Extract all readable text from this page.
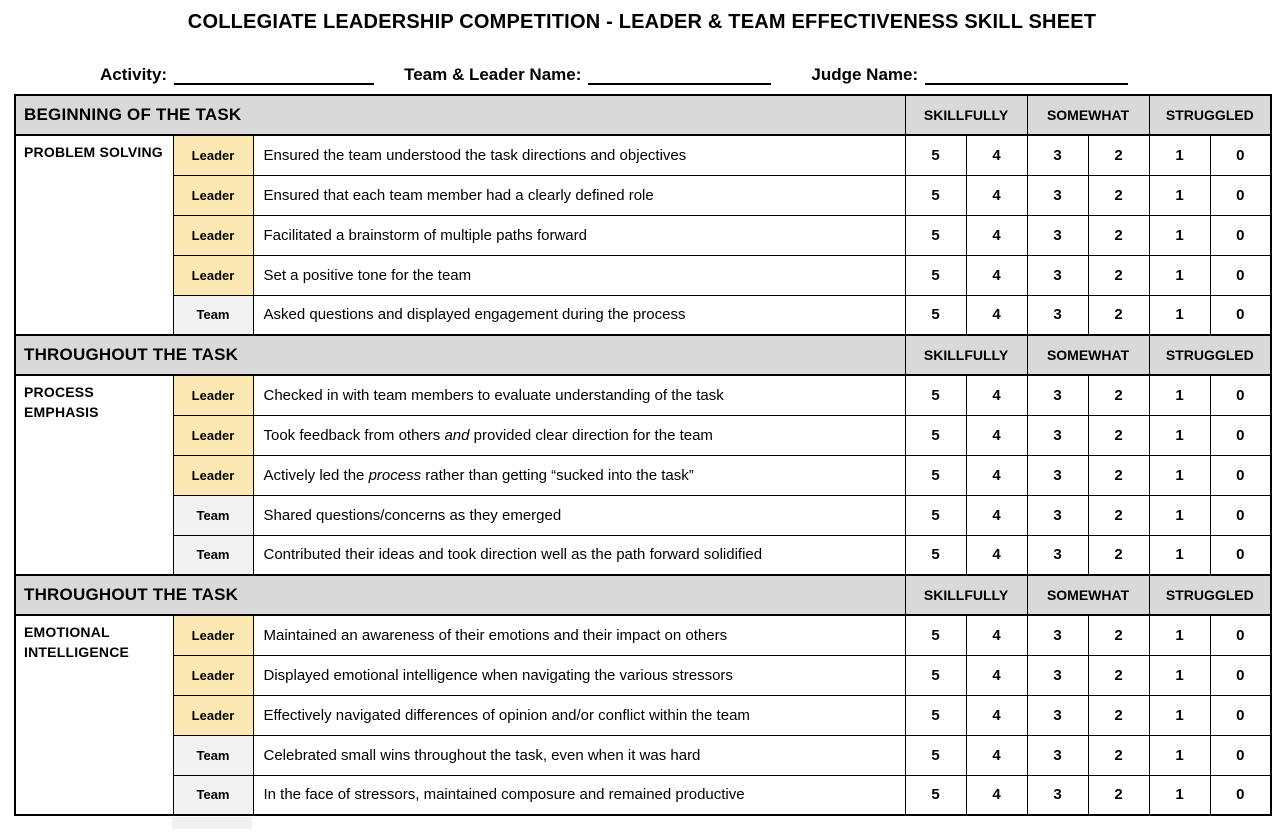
COLLEGIATE LEADERSHIP COMPETITION - LEADER & TEAM EFFECTIVENESS SKILL SHEET
Activity:	Team & Leader Name:	Judge Name:
BEGINNING OF THE TASK			SKILLFULLY		SOMEWHAT		STRUGGLED	
PROBLEM SOLVING	Leader	Ensured the team understood the task directions and objectives	5	4	3	2	1	0
	Leader	Ensured that each team member had a clearly defined role	5	4	3	2	1	0
	Leader	Facilitated a brainstorm of multiple paths forward	5	4	3	2	1	0
	Leader	Set a positive tone for the team	5	4	3	2	1	0
	Team	Asked questions and displayed engagement during the process	5	4	3	2	1	0
THROUGHOUT THE TASK			SKILLFULLY		SOMEWHAT		STRUGGLED	
PROCESS EMPHASIS	Leader	Checked in with team members to evaluate understanding of the task	5	4	3	2	1	0
	Leader	Took feedback from others and provided clear direction for the team	5	4	3	2	1	0
	Leader	Actively led the process rather than getting “sucked into the task”	5	4	3	2	1	0
	Team	Shared questions/concerns as they emerged	5	4	3	2	1	0
	Team	Contributed their ideas and took direction well as the path forward solidified	5	4	3	2	1	0
THROUGHOUT THE TASK			SKILLFULLY		SOMEWHAT		STRUGGLED	
EMOTIONAL INTELLIGENCE	Leader	Maintained an awareness of their emotions and their impact on others	5	4	3	2	1	0
	Leader	Displayed emotional intelligence when navigating the various stressors	5	4	3	2	1	0
	Leader	Effectively navigated differences of opinion and/or conflict within the team	5	4	3	2	1	0
	Team	Celebrated small wins throughout the task, even when it was hard	5	4	3	2	1	0
	Team	In the face of stressors, maintained composure and remained productive	5	4	3	2	1	0
